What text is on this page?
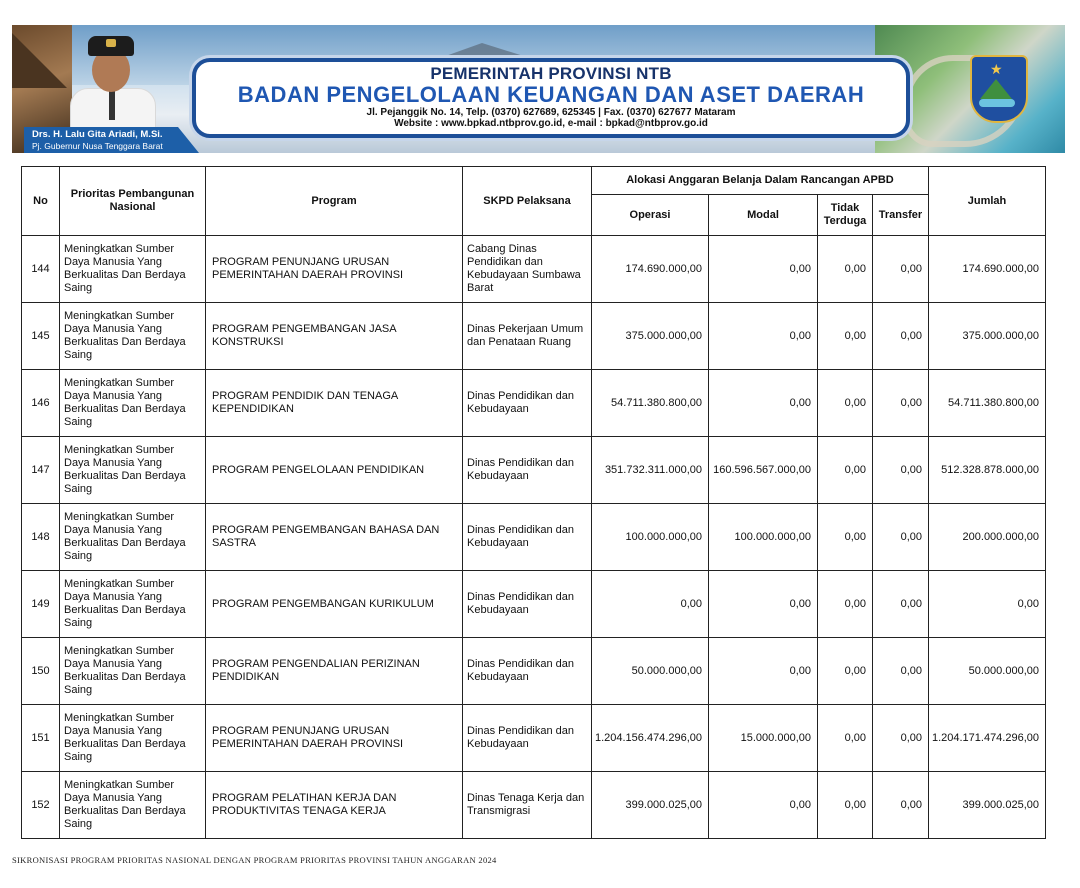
Drs. H. Lalu Gita Ariadi, M.Si.
Pj. Gubernur Nusa Tenggara Barat
PEMERINTAH PROVINSI NTB
BADAN PENGELOLAAN KEUANGAN DAN ASET DAERAH
Jl. Pejanggik No. 14, Telp. (0370) 627689, 625345 | Fax. (0370) 627677 Mataram
Website : www.bpkad.ntbprov.go.id, e-mail : bpkad@ntbprov.go.id
★
No	Prioritas Pembangunan Nasional	Program	SKPD Pelaksana	Alokasi Anggaran Belanja Dalam Rancangan APBD				Jumlah
				Operasi	Modal	Tidak Terduga	Transfer	
144	Meningkatkan Sumber Daya Manusia Yang Berkualitas Dan Berdaya Saing	PROGRAM PENUNJANG URUSAN PEMERINTAHAN DAERAH PROVINSI	Cabang Dinas Pendidikan dan Kebudayaan Sumbawa Barat	174.690.000,00	0,00	0,00	0,00	174.690.000,00
145	Meningkatkan Sumber Daya Manusia Yang Berkualitas Dan Berdaya Saing	PROGRAM PENGEMBANGAN JASA KONSTRUKSI	Dinas Pekerjaan Umum dan Penataan Ruang	375.000.000,00	0,00	0,00	0,00	375.000.000,00
146	Meningkatkan Sumber Daya Manusia Yang Berkualitas Dan Berdaya Saing	PROGRAM PENDIDIK DAN TENAGA KEPENDIDIKAN	Dinas Pendidikan dan Kebudayaan	54.711.380.800,00	0,00	0,00	0,00	54.711.380.800,00
147	Meningkatkan Sumber Daya Manusia Yang Berkualitas Dan Berdaya Saing	PROGRAM PENGELOLAAN PENDIDIKAN	Dinas Pendidikan dan Kebudayaan	351.732.311.000,00	160.596.567.000,00	0,00	0,00	512.328.878.000,00
148	Meningkatkan Sumber Daya Manusia Yang Berkualitas Dan Berdaya Saing	PROGRAM PENGEMBANGAN BAHASA DAN SASTRA	Dinas Pendidikan dan Kebudayaan	100.000.000,00	100.000.000,00	0,00	0,00	200.000.000,00
149	Meningkatkan Sumber Daya Manusia Yang Berkualitas Dan Berdaya Saing	PROGRAM PENGEMBANGAN KURIKULUM	Dinas Pendidikan dan Kebudayaan	0,00	0,00	0,00	0,00	0,00
150	Meningkatkan Sumber Daya Manusia Yang Berkualitas Dan Berdaya Saing	PROGRAM PENGENDALIAN PERIZINAN PENDIDIKAN	Dinas Pendidikan dan Kebudayaan	50.000.000,00	0,00	0,00	0,00	50.000.000,00
151	Meningkatkan Sumber Daya Manusia Yang Berkualitas Dan Berdaya Saing	PROGRAM PENUNJANG URUSAN PEMERINTAHAN DAERAH PROVINSI	Dinas Pendidikan dan Kebudayaan	1.204.156.474.296,00	15.000.000,00	0,00	0,00	1.204.171.474.296,00
152	Meningkatkan Sumber Daya Manusia Yang Berkualitas Dan Berdaya Saing	PROGRAM PELATIHAN KERJA DAN PRODUKTIVITAS TENAGA KERJA	Dinas Tenaga Kerja dan Transmigrasi	399.000.025,00	0,00	0,00	0,00	399.000.025,00
SIKRONISASI PROGRAM PRIORITAS NASIONAL DENGAN PROGRAM PRIORITAS PROVINSI TAHUN ANGGARAN 2024
